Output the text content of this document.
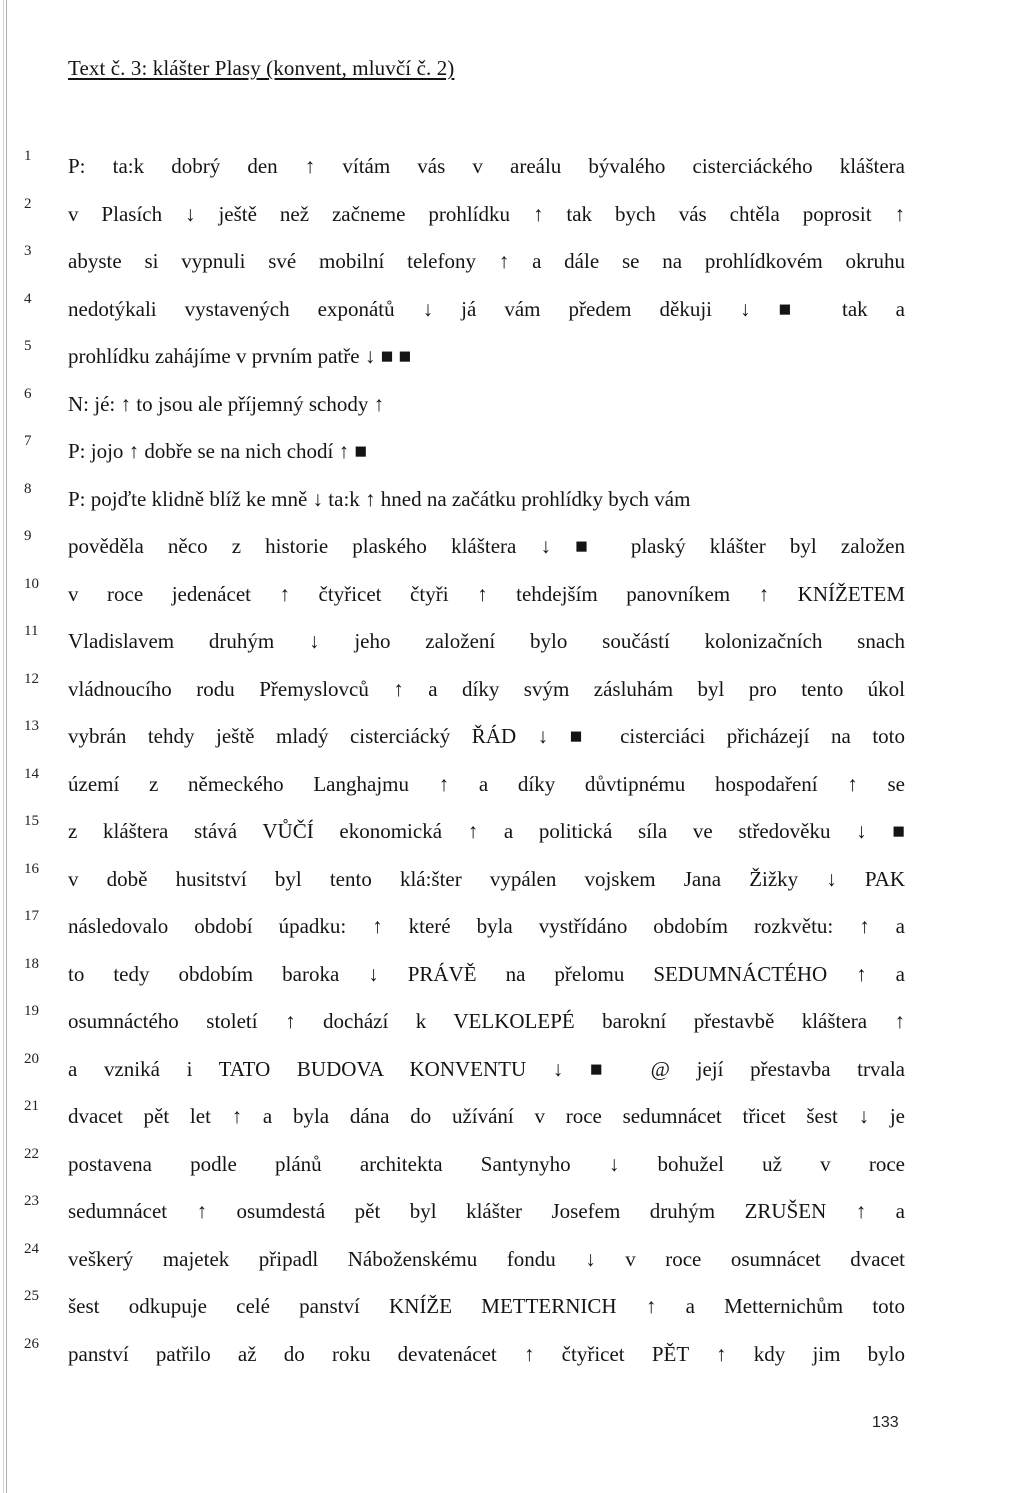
Text č. 3: klášter Plasy (konvent, mluvčí č. 2)
1	P: ta:k dobrý den ↑ vítám vás v areálu bývalého cisterciáckého kláštera
2	v Plasích ↓ ještě než začneme prohlídku ↑ tak bych vás chtěla poprosit ↑
3	abyste si vypnuli své mobilní telefony ↑ a dále se na prohlídkovém okruhu
4	nedotýkali vystavených exponátů ↓ já vám předem děkuji ↓ ■ tak a
5	prohlídku zahájíme v prvním patře ↓ ■ ■
6	N: jé: ↑ to jsou ale příjemný schody ↑
7	P: jojo ↑ dobře se na nich chodí ↑ ■
8	P: pojďte klidně blíž ke mně ↓ ta:k ↑ hned na začátku prohlídky bych vám
9	pověděla něco z historie plaského kláštera ↓ ■ plaský klášter byl založen
10	v roce jedenácet ↑ čtyřicet čtyři ↑ tehdejším panovníkem ↑ KNÍŽETEM
11	Vladislavem druhým ↓ jeho založení bylo součástí kolonizačních snach
12	vládnoucího rodu Přemyslovců ↑ a díky svým zásluhám byl pro tento úkol
13	vybrán tehdy ještě mladý cisterciácký ŘÁD ↓ ■ cisterciáci přicházejí na toto
14	území z německého Langhajmu ↑ a díky důvtipnému hospodaření ↑ se
15	z kláštera stává VŮČÍ ekonomická ↑ a politická síla ve středověku ↓ ■
16	v době husitství byl tento klá:šter vypálen vojskem Jana Žižky ↓ PAK
17	následovalo období úpadku: ↑ které byla vystřídáno obdobím rozkvětu: ↑ a
18	to tedy obdobím baroka ↓ PRÁVĚ na přelomu SEDUMNÁCTÉHO ↑ a
19	osumnáctého století ↑ dochází k VELKOLEPÉ barokní přestavbě kláštera ↑
20	a vzniká i TATO BUDOVA KONVENTU ↓ ■ @ její přestavba trvala
21	dvacet pět let ↑ a byla dána do užívání v roce sedumnácet třicet šest ↓ je
22	postavena podle plánů architekta Santynyho ↓ bohužel už v roce
23	sedumnácet ↑ osumdestá pět byl klášter Josefem druhým ZRUŠEN ↑ a
24	veškerý majetek připadl Náboženskému fondu ↓ v roce osumnácet dvacet
25	šest odkupuje celé panství KNÍŽE METTERNICH ↑ a Metternichům toto
26	panství patřilo až do roku devatenácet ↑ čtyřicet PĚT ↑ kdy jim bylo
133
